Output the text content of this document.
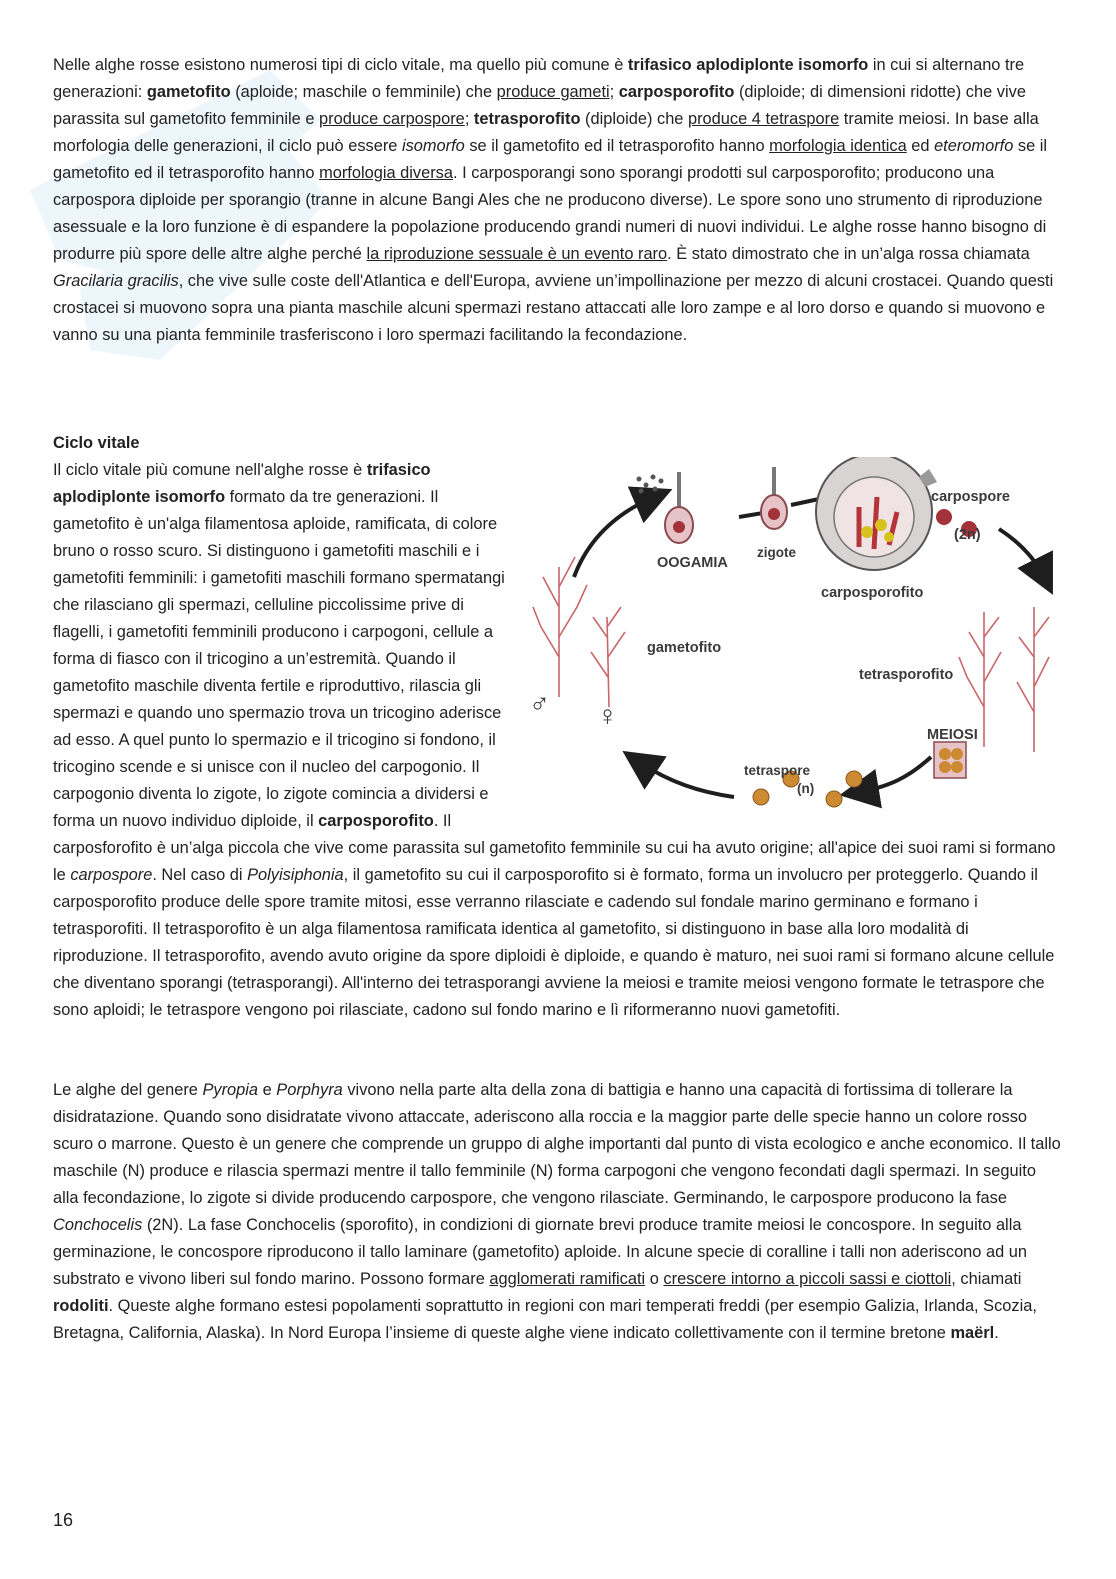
Nelle alghe rosse esistono numerosi tipi di ciclo vitale, ma quello più comune è trifasico aplodiplonte isomorfo in cui si alternano tre generazioni: gametofito (aploide; maschile o femminile) che produce gameti; carposporofito (diploide; di dimensioni ridotte) che vive parassita sul gametofito femminile e produce carpospore; tetrasporofito (diploide) che produce 4 tetraspore tramite meiosi. In base alla morfologia delle generazioni, il ciclo può essere isomorfo se il gametofito ed il tetrasporofito hanno morfologia identica ed eteromorfo se il gametofito ed il tetrasporofito hanno morfologia diversa. I carposporangi sono sporangi prodotti sul carposporofito; producono una carpospora diploide per sporangio (tranne in alcune Bangi Ales che ne producono diverse). Le spore sono uno strumento di riproduzione asessuale e la loro funzione è di espandere la popolazione producendo grandi numeri di nuovi individui. Le alghe rosse hanno bisogno di produrre più spore delle altre alghe perché la riproduzione sessuale è un evento raro. È stato dimostrato che in un’alga rossa chiamata Gracilaria gracilis, che vive sulle coste dell'Atlantica e dell'Europa, avviene un’impollinazione per mezzo di alcuni crostacei. Quando questi crostacei si muovono sopra una pianta maschile alcuni spermazi restano attaccati alle loro zampe e al loro dorso e quando si muovono e vanno su una pianta femminile trasferiscono i loro spermazi facilitando la fecondazione.

Ciclo vitale

♂ ♀
carpospore
(2n)
OOGAMIA
zigote
carposporofito
gametofito
tetrasporofito
MEIOSI
tetraspore
(n)
Il ciclo vitale più comune nell'alghe rosse è trifasico aplodiplonte isomorfo formato da tre generazioni. Il gametofito è un'alga filamentosa aploide, ramificata, di colore bruno o rosso scuro. Si distinguono i gametofiti maschili e i gametofiti femminili: i gametofiti maschili formano spermatangi che rilasciano gli spermazi, celluline piccolissime prive di flagelli, i gametofiti femminili producono i carpogoni, cellule a forma di fiasco con il tricogino a un’estremità. Quando il gametofito maschile diventa fertile e riproduttivo, rilascia gli spermazi e quando uno spermazio trova un tricogino aderisce ad esso. A quel punto lo spermazio e il tricogino si fondono, il tricogino scende e si unisce con il nucleo del carpogonio. Il carpogonio diventa lo zigote, lo zigote comincia a dividersi e forma un nuovo individuo diploide, il carposporofito. Il carposforofito è un’alga piccola che vive come parassita sul gametofito femminile su cui ha avuto origine; all'apice dei suoi rami si formano le carpospore. Nel caso di Polyisiphonia, il gametofito su cui il carposporofito si è formato, forma un involucro per proteggerlo. Quando il carposporofito produce delle spore tramite mitosi, esse verranno rilasciate e cadendo sul fondale marino germinano e formano i tetrasporofiti. Il tetrasporofito è un alga filamentosa ramificata identica al gametofito, si distinguono in base alla loro modalità di riproduzione. Il tetrasporofito, avendo avuto origine da spore diploidi è diploide, e quando è maturo, nei suoi rami si formano alcune cellule che diventano sporangi (tetrasporangi). All'interno dei tetrasporangi avviene la meiosi e tramite meiosi vengono formate le tetraspore che sono aploidi; le tetraspore vengono poi rilasciate, cadono sul fondo marino e lì riformeranno nuovi gametofiti.

Le alghe del genere Pyropia e Porphyra vivono nella parte alta della zona di battigia e hanno una capacità di fortissima di tollerare la disidratazione. Quando sono disidratate vivono attaccate, aderiscono alla roccia e la maggior parte delle specie hanno un colore rosso scuro o marrone. Questo è un genere che comprende un gruppo di alghe importanti dal punto di vista ecologico e anche economico. Il tallo maschile (N) produce e rilascia spermazi mentre il tallo femminile (N) forma carpogoni che vengono fecondati dagli spermazi. In seguito alla fecondazione, lo zigote si divide producendo carpospore, che vengono rilasciate. Germinando, le carpospore producono la fase Conchocelis (2N). La fase Conchocelis (sporofito), in condizioni di giornate brevi produce tramite meiosi le concospore. In seguito alla germinazione, le concospore riproducono il tallo laminare (gametofito) aploide. In alcune specie di coralline i talli non aderiscono ad un substrato e vivono liberi sul fondo marino. Possono formare agglomerati ramificati o crescere intorno a piccoli sassi e ciottoli, chiamati rodoliti. Queste alghe formano estesi popolamenti soprattutto in regioni con mari temperati freddi (per esempio Galizia, Irlanda, Scozia, Bretagna, California, Alaska). In Nord Europa l’insieme di queste alghe viene indicato collettivamente con il termine bretone maërl.

16
